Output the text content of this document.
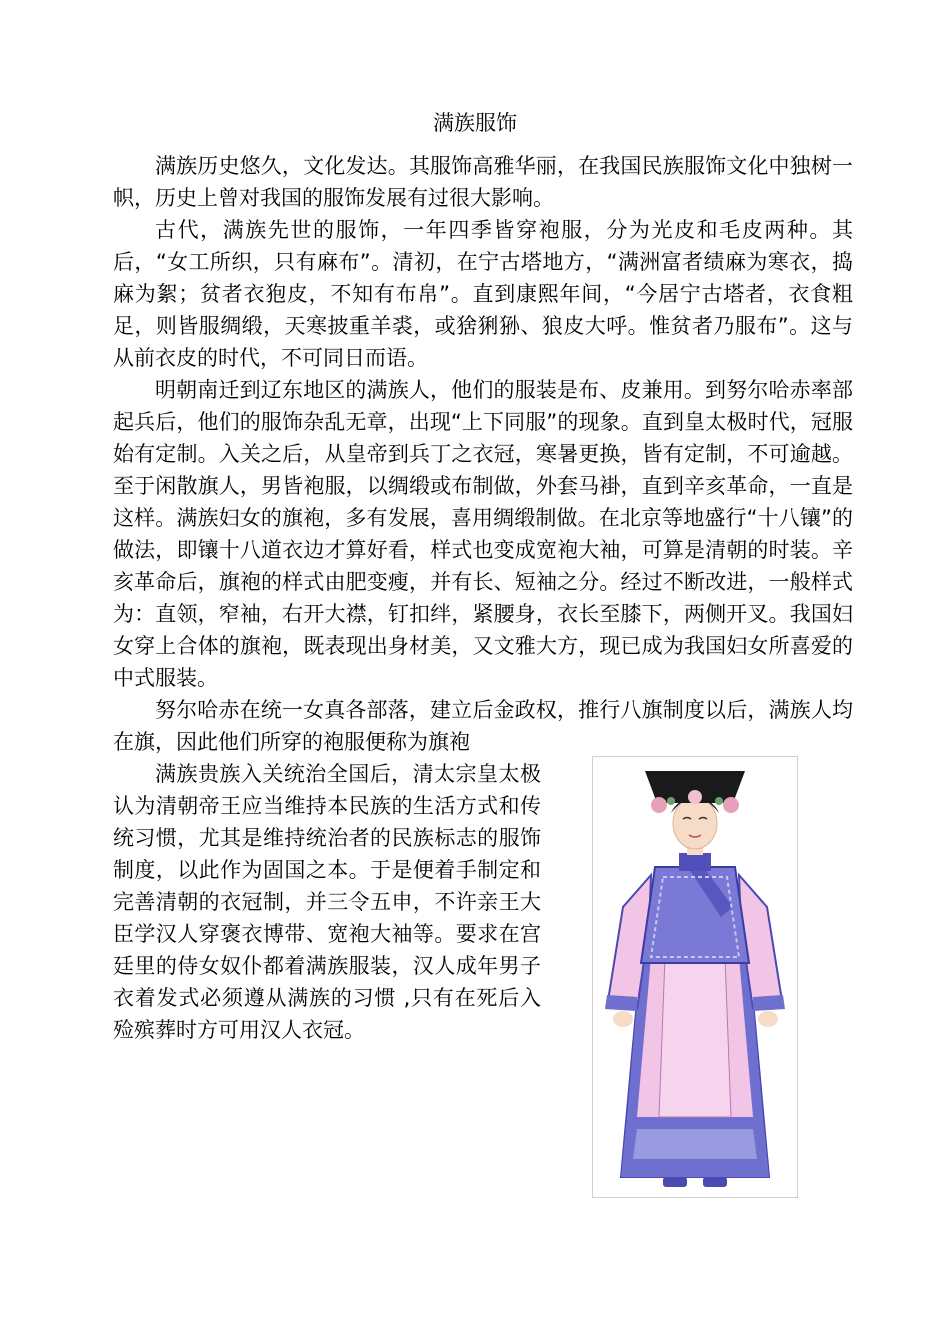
满族服饰

满族历史悠久，文化发达。其服饰高雅华丽，在我国民族服饰文化中独树一帜，历史上曾对我国的服饰发展有过很大影响。

古代，满族先世的服饰，一年四季皆穿袍服，分为光皮和毛皮两种。其后，“女工所织，只有麻布”。清初，在宁古塔地方，“满洲富者绩麻为寒衣，捣麻为絮；贫者衣狍皮，不知有布帛”。直到康熙年间，“今居宁古塔者，衣食粗足，则皆服绸缎，天寒披重羊裘，或猞猁狲、狼皮大呼。惟贫者乃服布”。这与从前衣皮的时代，不可同日而语。

明朝南迁到辽东地区的满族人，他们的服装是布、皮兼用。到努尔哈赤率部起兵后，他们的服饰杂乱无章，出现“上下同服”的现象。直到皇太极时代，冠服始有定制。入关之后，从皇帝到兵丁之衣冠，寒暑更换，皆有定制，不可逾越。至于闲散旗人，男皆袍服，以绸缎或布制做，外套马褂，直到辛亥革命，一直是这样。满族妇女的旗袍，多有发展，喜用绸缎制做。在北京等地盛行“十八镶”的做法，即镶十八道衣边才算好看，样式也变成宽袍大袖，可算是清朝的时装。辛亥革命后，旗袍的样式由肥变瘦，并有长、短袖之分。经过不断改进，一般样式为：直领，窄袖，右开大襟，钉扣绊，紧腰身，衣长至膝下，两侧开叉。我国妇女穿上合体的旗袍，既表现出身材美，又文雅大方，现已成为我国妇女所喜爱的中式服装。

努尔哈赤在统一女真各部落，建立后金政权，推行八旗制度以后，满族人均在旗，因此他们所穿的袍服便称为旗袍

满族贵族入关统治全国后，清太宗皇太极认为清朝帝王应当维持本民族的生活方式和传统习惯，尤其是维持统治者的民族标志的服饰制度，以此作为固国之本。于是便着手制定和完善清朝的衣冠制，并三令五申，不许亲王大臣学汉人穿褒衣博带、宽袍大袖等。要求在宫廷里的侍女奴仆都着满族服装，汉人成年男子衣着发式必须遵从满族的习惯 ,只有在死后入殓殡葬时方可用汉人衣冠。
